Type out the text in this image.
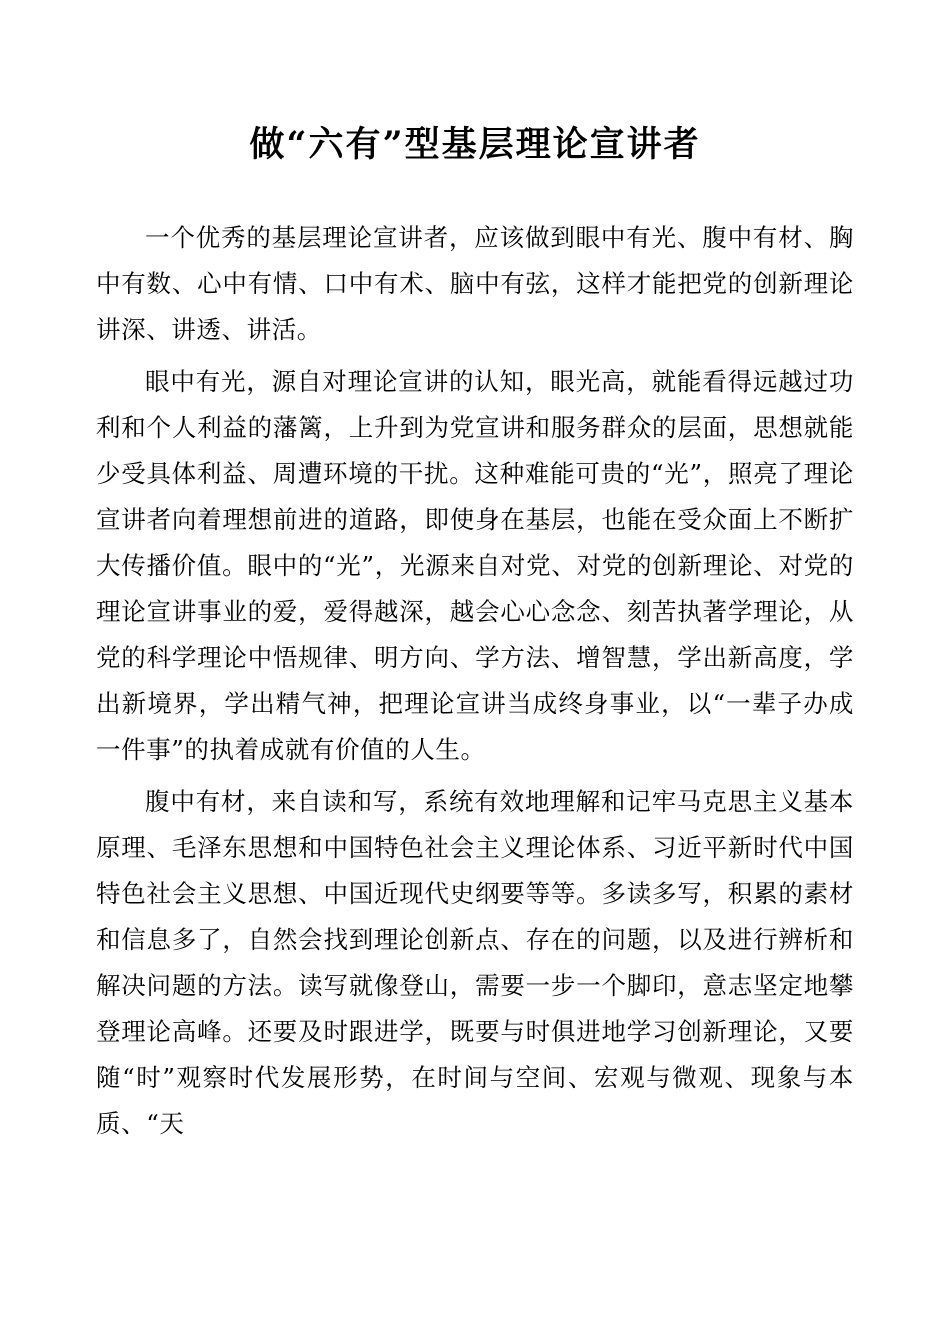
做“六有”型基层理论宣讲者

一个优秀的基层理论宣讲者，应该做到眼中有光、腹中有材、胸中有数、心中有情、口中有术、脑中有弦，这样才能把党的创新理论讲深、讲透、讲活。

眼中有光，源自对理论宣讲的认知，眼光高，就能看得远越过功利和个人利益的藩篱，上升到为党宣讲和服务群众的层面，思想就能少受具体利益、周遭环境的干扰。这种难能可贵的“光”，照亮了理论宣讲者向着理想前进的道路，即使身在基层，也能在受众面上不断扩大传播价值。眼中的“光”，光源来自对党、对党的创新理论、对党的理论宣讲事业的爱，爱得越深，越会心心念念、刻苦执著学理论，从党的科学理论中悟规律、明方向、学方法、增智慧，学出新高度，学出新境界，学出精气神，把理论宣讲当成终身事业，以“一辈子办成一件事”的执着成就有价值的人生。

腹中有材，来自读和写，系统有效地理解和记牢马克思主义基本原理、毛泽东思想和中国特色社会主义理论体系、习近平新时代中国特色社会主义思想、中国近现代史纲要等等。多读多写，积累的素材和信息多了，自然会找到理论创新点、存在的问题，以及进行辨析和解决问题的方法。读写就像登山，需要一步一个脚印，意志坚定地攀登理论高峰。还要及时跟进学，既要与时俱进地学习创新理论，又要随“时”观察时代发展形势，在时间与空间、宏观与微观、现象与本质、“天
